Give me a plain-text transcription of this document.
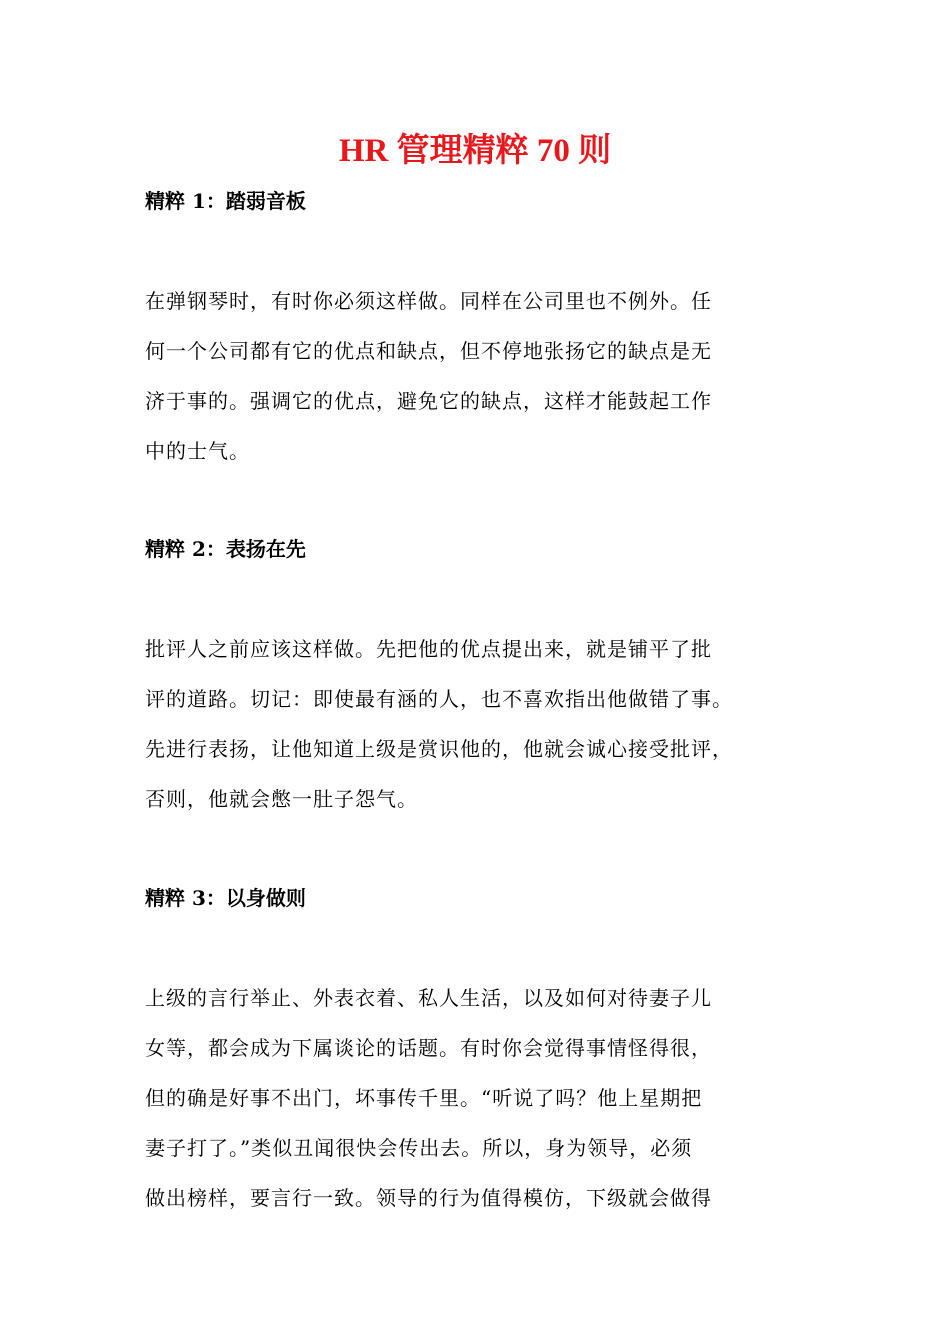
HR 管理精粹 70 则
精粹 1：踏弱音板

在弹钢琴时，有时你必须这样做。同样在公司里也不例外。任
何一个公司都有它的优点和缺点，但不停地张扬它的缺点是无
济于事的。强调它的优点，避免它的缺点，这样才能鼓起工作
中的士气。

精粹 2：表扬在先

批评人之前应该这样做。先把他的优点提出来，就是铺平了批
评的道路。切记：即使最有涵的人，也不喜欢指出他做错了事。
先进行表扬，让他知道上级是赏识他的，他就会诚心接受批评，
否则，他就会憋一肚子怨气。

精粹 3：以身做则

上级的言行举止、外表衣着、私人生活，以及如何对待妻子儿
女等，都会成为下属谈论的话题。有时你会觉得事情怪得很，
但的确是好事不出门，坏事传千里。“听说了吗？他上星期把
妻子打了。”类似丑闻很快会传出去。所以，身为领导，必须
做出榜样，要言行一致。领导的行为值得模仿，下级就会做得
